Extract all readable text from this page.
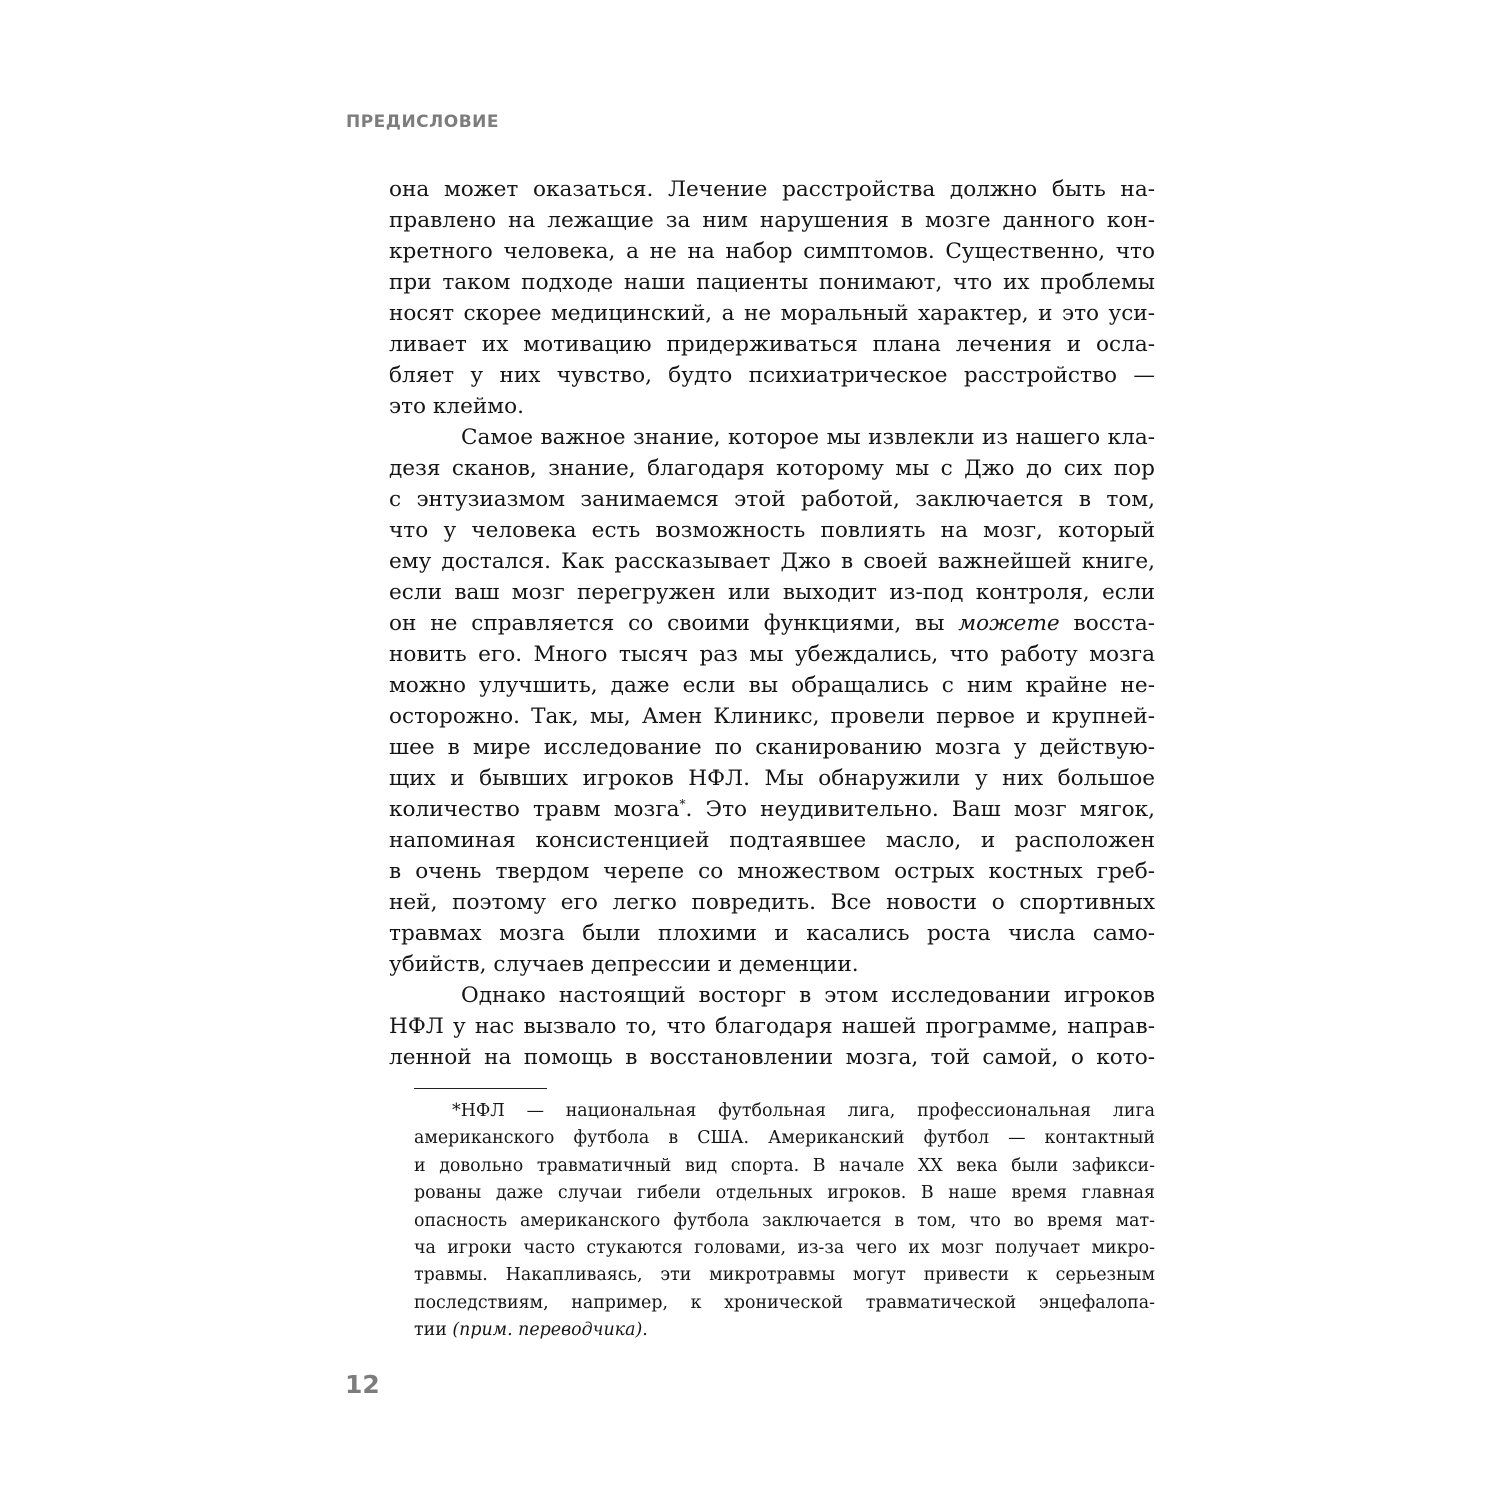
ПРЕДИСЛОВИЕ
она может оказаться. Лечение расстройства должно быть на-
правлено на лежащие за ним нарушения в мозге данного кон-
кретного человека, а не на набор симптомов. Существенно, что
при таком подходе наши пациенты понимают, что их проблемы
носят скорее медицинский, а не моральный характер, и это уси-
ливает их мотивацию придерживаться плана лечения и осла-
бляет у них чувство, будто психиатрическое расстройство —
это клеймо.
Самое важное знание, которое мы извлекли из нашего кла-
дезя сканов, знание, благодаря которому мы с Джо до сих пор
с энтузиазмом занимаемся этой работой, заключается в том,
что у человека есть возможность повлиять на мозг, который
ему достался. Как рассказывает Джо в своей важнейшей книге,
если ваш мозг перегружен или выходит из-под контроля, если
он не справляется со своими функциями, вы можете восста-
новить его. Много тысяч раз мы убеждались, что работу мозга
можно улучшить, даже если вы обращались с ним крайне не-
осторожно. Так, мы, Амен Клиникс, провели первое и крупней-
шее в мире исследование по сканированию мозга у действую-
щих и бывших игроков НФЛ. Мы обнаружили у них большое
количество травм мозга*. Это неудивительно. Ваш мозг мягок,
напоминая консистенцией подтаявшее масло, и расположен
в очень твердом черепе со множеством острых костных греб-
ней, поэтому его легко повредить. Все новости о спортивных
травмах мозга были плохими и касались роста числа само-
убийств, случаев депрессии и деменции.
Однако настоящий восторг в этом исследовании игроков
НФЛ у нас вызвало то, что благодаря нашей программе, направ-
ленной на помощь в восстановлении мозга, той самой, о кото-
*НФЛ — национальная футбольная лига, профессиональная лига
американского футбола в США. Американский футбол — контактный
и довольно травматичный вид спорта. В начале XX века были зафикси-
рованы даже случаи гибели отдельных игроков. В наше время главная
опасность американского футбола заключается в том, что во время мат-
ча игроки часто стукаются головами, из-за чего их мозг получает микро-
травмы. Накапливаясь, эти микротравмы могут привести к серьезным
последствиям, например, к хронической травматической энцефалопа-
тии (прим. переводчика).
12
